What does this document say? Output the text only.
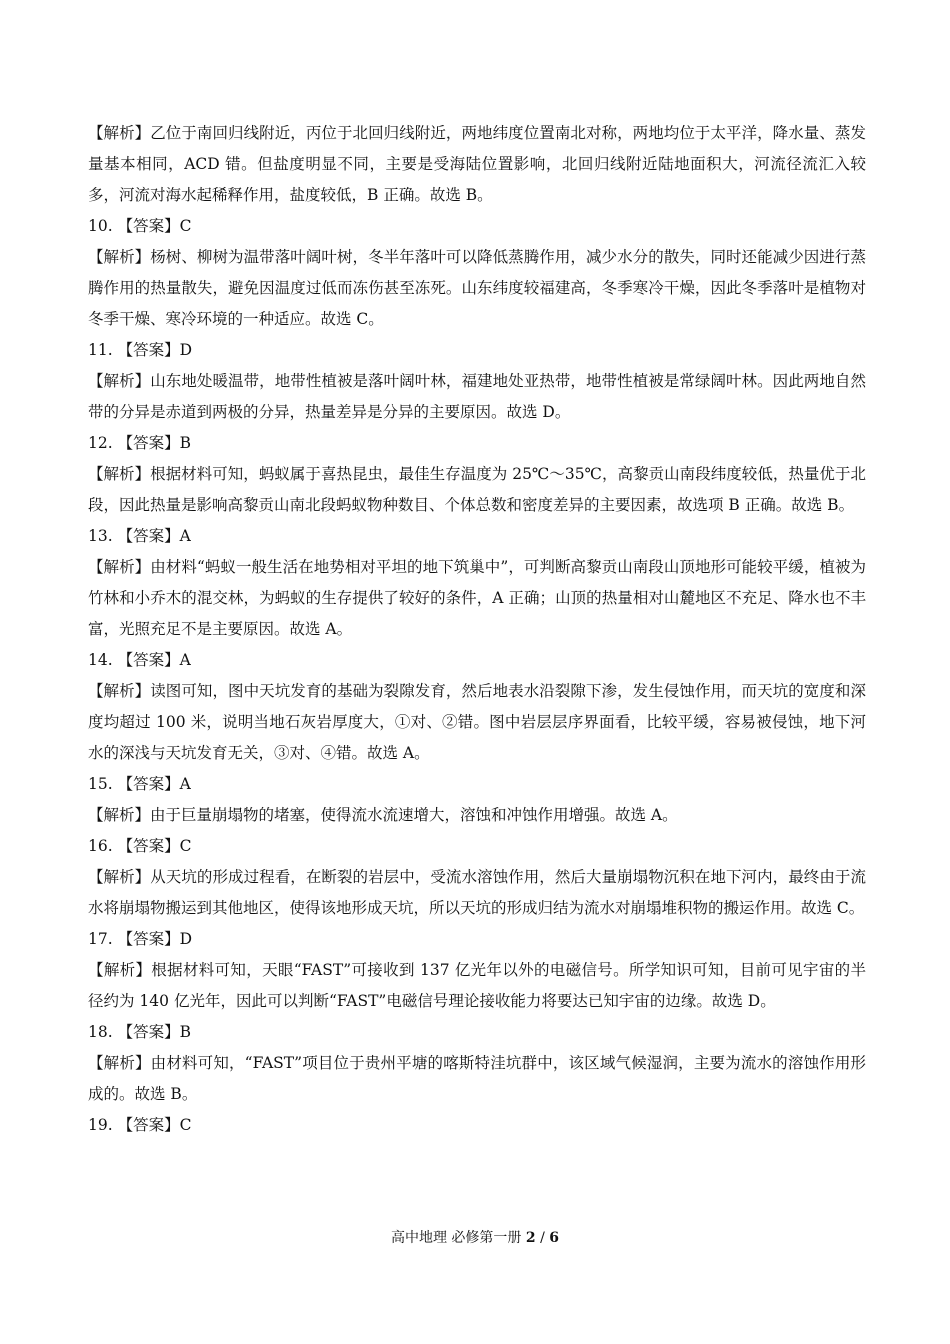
【解析】乙位于南回归线附近，丙位于北回归线附近，两地纬度位置南北对称，两地均位于太平洋，降水量、蒸发量基本相同，ACD 错。但盐度明显不同，主要是受海陆位置影响，北回归线附近陆地面积大，河流径流汇入较多，河流对海水起稀释作用，盐度较低，B 正确。故选 B。

10. 【答案】C

【解析】杨树、柳树为温带落叶阔叶树，冬半年落叶可以降低蒸腾作用，减少水分的散失，同时还能减少因进行蒸腾作用的热量散失，避免因温度过低而冻伤甚至冻死。山东纬度较福建高，冬季寒冷干燥，因此冬季落叶是植物对冬季干燥、寒冷环境的一种适应。故选 C。

11. 【答案】D

【解析】山东地处暖温带，地带性植被是落叶阔叶林，福建地处亚热带，地带性植被是常绿阔叶林。因此两地自然带的分异是赤道到两极的分异，热量差异是分异的主要原因。故选 D。

12. 【答案】B

【解析】根据材料可知，蚂蚁属于喜热昆虫，最佳生存温度为 25℃～35℃，高黎贡山南段纬度较低，热量优于北段，因此热量是影响高黎贡山南北段蚂蚁物种数目、个体总数和密度差异的主要因素，故选项 B 正确。故选 B。

13. 【答案】A

【解析】由材料“蚂蚁一般生活在地势相对平坦的地下筑巢中”，可判断高黎贡山南段山顶地形可能较平缓，植被为竹林和小乔木的混交林，为蚂蚁的生存提供了较好的条件，A 正确；山顶的热量相对山麓地区不充足、降水也不丰富，光照充足不是主要原因。故选 A。

14. 【答案】A

【解析】读图可知，图中天坑发育的基础为裂隙发育，然后地表水沿裂隙下渗，发生侵蚀作用，而天坑的宽度和深度均超过 100 米，说明当地石灰岩厚度大，①对、②错。图中岩层层序界面看，比较平缓，容易被侵蚀，地下河水的深浅与天坑发育无关，③对、④错。故选 A。

15. 【答案】A

【解析】由于巨量崩塌物的堵塞，使得流水流速增大，溶蚀和冲蚀作用增强。故选 A。

16. 【答案】C

【解析】从天坑的形成过程看，在断裂的岩层中，受流水溶蚀作用，然后大量崩塌物沉积在地下河内，最终由于流水将崩塌物搬运到其他地区，使得该地形成天坑，所以天坑的形成归结为流水对崩塌堆积物的搬运作用。故选 C。

17. 【答案】D

【解析】根据材料可知，天眼“FAST”可接收到 137 亿光年以外的电磁信号。所学知识可知，目前可见宇宙的半径约为 140 亿光年，因此可以判断“FAST”电磁信号理论接收能力将要达已知宇宙的边缘。故选 D。

18. 【答案】B

【解析】由材料可知，“FAST”项目位于贵州平塘的喀斯特洼坑群中，该区域气候湿润，主要为流水的溶蚀作用形成的。故选 B。

19. 【答案】C

高中地理 必修第一册 2 / 6
